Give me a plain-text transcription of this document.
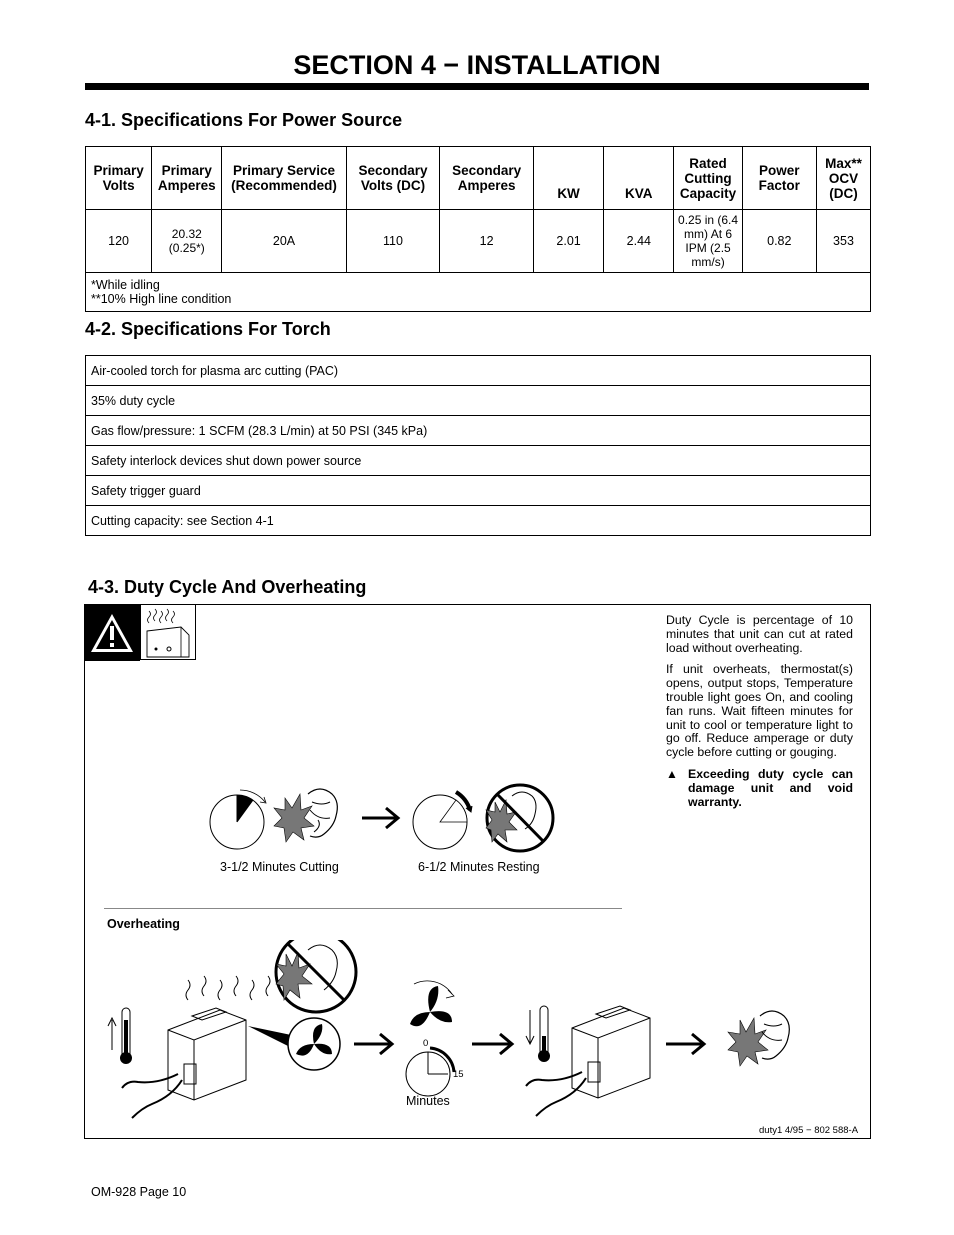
SECTION 4 − INSTALLATION
4-1. Specifications For Power Source
Primary Volts	Primary Amperes	Primary Service (Recommended)	Secondary Volts (DC)	Secondary Amperes	KW	KVA	Rated Cutting Capacity	Power Factor	Max** OCV (DC)
120	20.32 (0.25*)	20A	110	12	2.01	2.44	0.25 in (6.4 mm) At 6 IPM (2.5 mm/s)	0.82	353

*While idling
**10% High line condition									
4-2. Specifications For Torch
Air-cooled torch for plasma arc cutting (PAC)
35% duty cycle
Gas flow/pressure: 1 SCFM (28.3 L/min) at 50 PSI (345 kPa)
Safety interlock devices shut down power source
Safety trigger guard
Cutting capacity: see Section 4-1
4-3. Duty Cycle And Overheating

Duty Cycle is percentage of 10 minutes that unit can cut at rated load without overheating.

If unit overheats, thermostat(s) opens, output stops, Temperature trouble light goes On, and cooling fan runs. Wait fifteen minutes for unit to cool or temperature light to go off. Reduce amperage or duty cycle before cutting or gouging.

▲ Exceeding duty cycle can damage unit and void warranty.
3-1/2 Minutes Cutting	6-1/2 Minutes Resting
Overheating
0
15
Minutes
duty1 4/95 − 802 588-A
OM-928 Page 10
